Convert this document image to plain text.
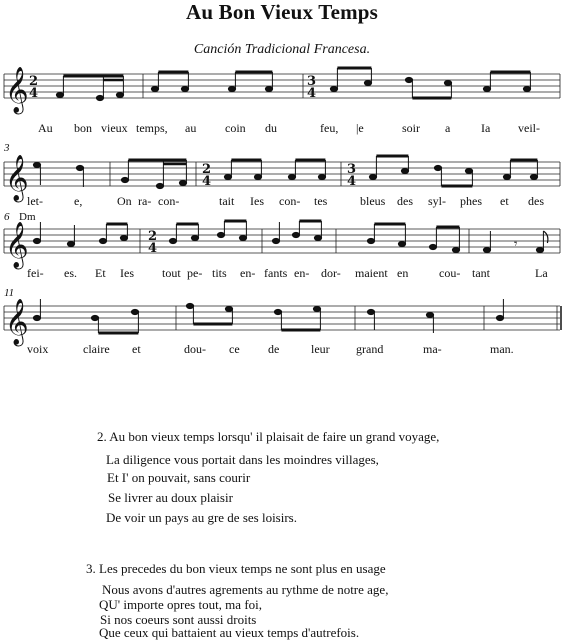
Au Bon Vieux Temps
Canción Tradicional Francesa.
𝄞 2
4
3
4
Au bon vieux temps, au coin du	feu, |e	soir a	Ia veil-
3
𝄞	2
4
3
4
let-	e,	On ra- con-	tait Ies con- tes	bleus des syl- phes et des
6 Dm
𝄞	2
4	𝄾
fei- es. Et Ies tout pe- tits en- fants en- dor- maient en	cou- tant	La
11
𝄞
voix	claire et	dou- ce de	leur grand	ma-	man.
2. Au bon vieux temps lorsqu' il plaisait de faire un grand voyage,
La diligence vous portait dans les moindres villages,
Et I' on pouvait, sans courir
Se livrer au doux plaisir
De voir un pays au gre de ses loisirs.
3. Les precedes du bon vieux temps ne sont plus en usage
Nous avons d'autres agrements au rythme de notre age,
QU' importe opres tout, ma foi,
Si nos coeurs sont aussi droits
Que ceux qui battaient au vieux temps d'autrefois.
